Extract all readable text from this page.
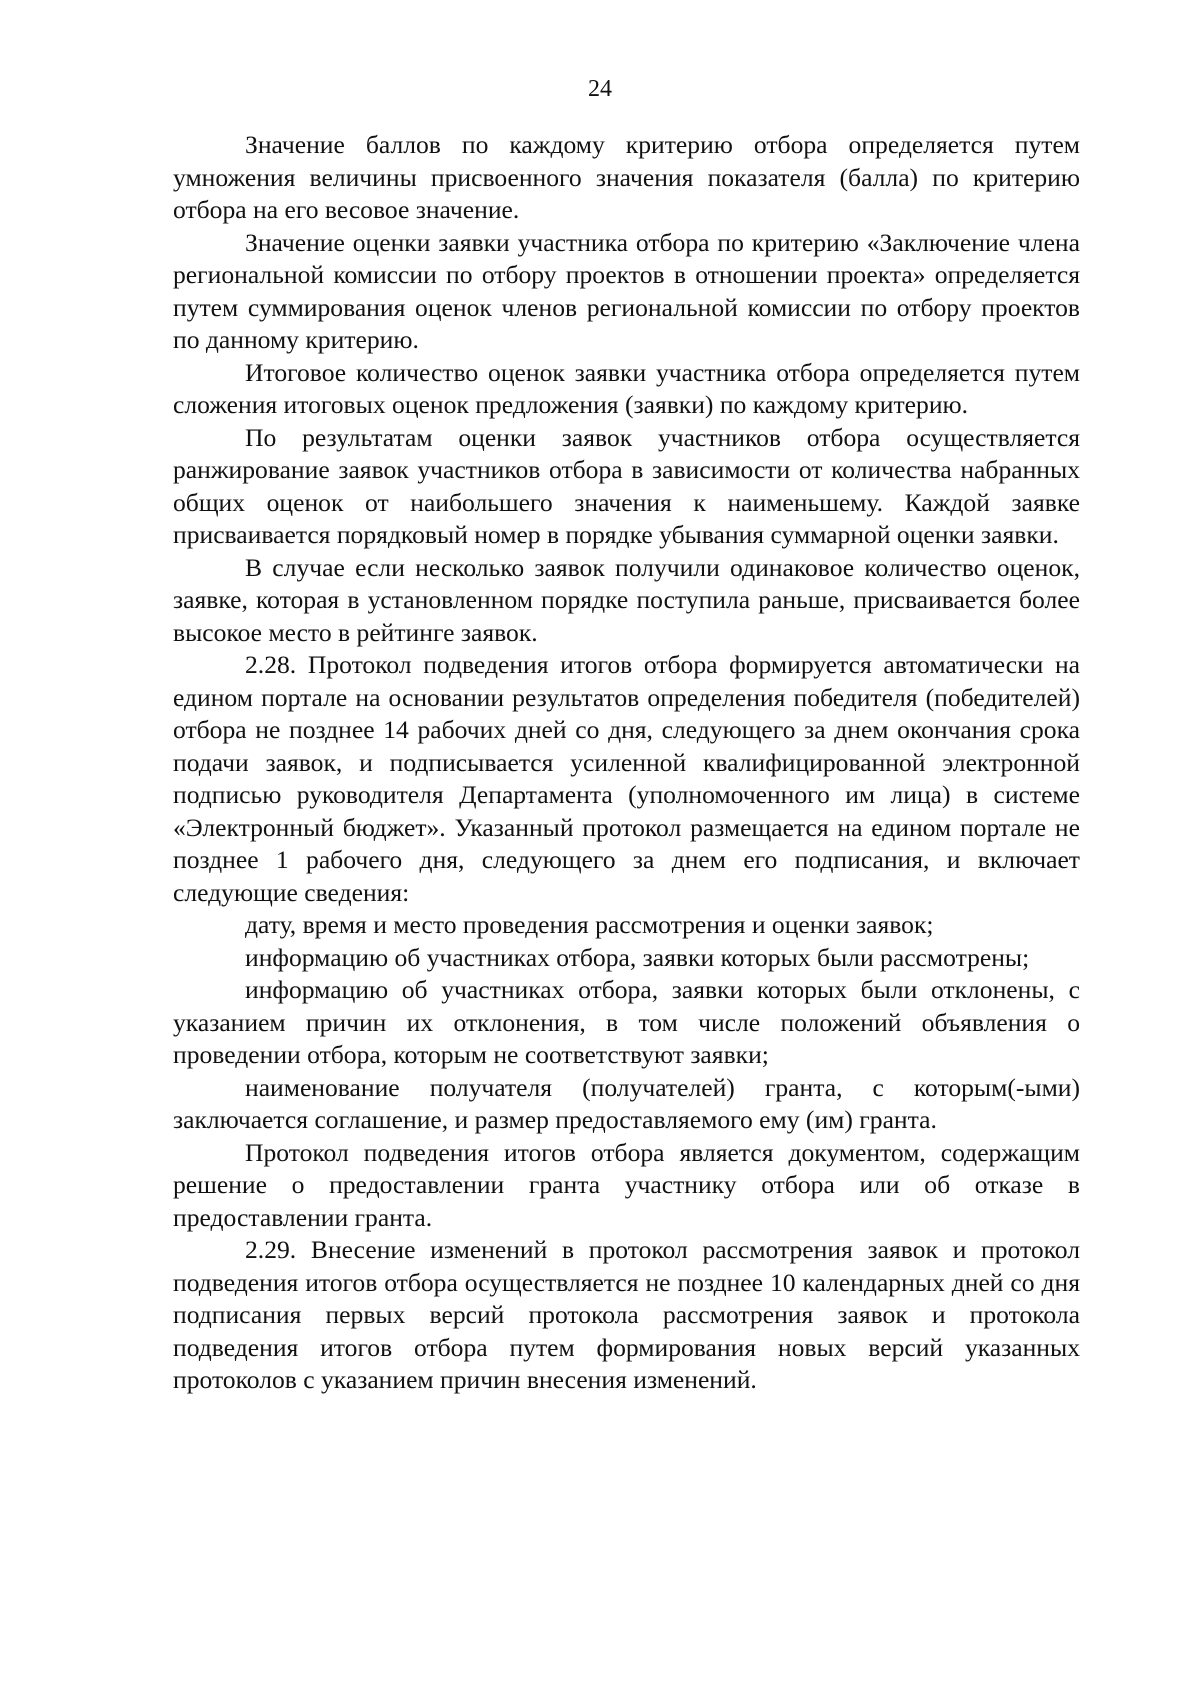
24

Значение баллов по каждому критерию отбора определяется путем умножения величины присвоенного значения показателя (балла) по критерию отбора на его весовое значение.

Значение оценки заявки участника отбора по критерию «Заключение члена региональной комиссии по отбору проектов в отношении проекта» определяется путем суммирования оценок членов региональной комиссии по отбору проектов по данному критерию.

Итоговое количество оценок заявки участника отбора определяется путем сложения итоговых оценок предложения (заявки) по каждому критерию.

По результатам оценки заявок участников отбора осуществляется ранжирование заявок участников отбора в зависимости от количества набранных общих оценок от наибольшего значения к наименьшему. Каждой заявке присваивается порядковый номер в порядке убывания суммарной оценки заявки.

В случае если несколько заявок получили одинаковое количество оценок, заявке, которая в установленном порядке поступила раньше, присваивается более высокое место в рейтинге заявок.

2.28. Протокол подведения итогов отбора формируется автоматически на едином портале на основании результатов определения победителя (победителей) отбора не позднее 14 рабочих дней со дня, следующего за днем окончания срока подачи заявок, и подписывается усиленной квалифицированной электронной подписью руководителя Департамента (уполномоченного им лица) в системе «Электронный бюджет». Указанный протокол размещается на едином портале не позднее 1 рабочего дня, следующего за днем его подписания, и включает следующие сведения:

дату, время и место проведения рассмотрения и оценки заявок;

информацию об участниках отбора, заявки которых были рассмотрены;

информацию об участниках отбора, заявки которых были отклонены, с указанием причин их отклонения, в том числе положений объявления о проведении отбора, которым не соответствуют заявки;

наименование получателя (получателей) гранта, с которым(-ыми) заключается соглашение, и размер предоставляемого ему (им) гранта.

Протокол подведения итогов отбора является документом, содержащим решение о предоставлении гранта участнику отбора или об отказе в предоставлении гранта.

2.29. Внесение изменений в протокол рассмотрения заявок и протокол подведения итогов отбора осуществляется не позднее 10 календарных дней со дня подписания первых версий протокола рассмотрения заявок и протокола подведения итогов отбора путем формирования новых версий указанных протоколов с указанием причин внесения изменений.
